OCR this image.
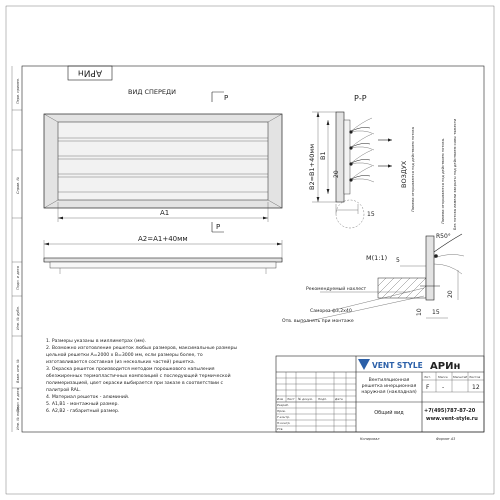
Перв. примен.
Справ. №
Подп. и дата
Инв. № дубл.
Взам. инв. №
Подп. и дата
Инв. № подл.
АРИн
ВИД СПЕРЕДИ
Р
Р
А1
А2=А1+40мм
Р-Р
ВОЗДУХ Ламели открываются под действием потока
В2=В1+40мм В1
20
15	Ламели открываются под действием потока. Без потока ламели закрыты под действием силы тяжести
М(1:1)
R50°
5
20
15
10
Рекомендуемый нахлест
Саморез ф3,2х40
Отв. выполнять при монтаже
1. Размеры указаны в миллиметрах (мм).
2. Возможно изготовление решеток любых размеров, максимальные размеры
цельной решетки А=2000 х В=3000 мм, если размеры более, то
изготавливается составная (из нескольких частей) решетка.
3. Окраска решеток производится методом порошкового напыления
обезжиренных термопластичных композиций с последующей термической
полимеризацией, цвет окраски выбирается при заказе в соответствии с
палитрой RAL.
4. Материал решеток - алюминий.
5. А1,В1 - монтажный размер.
6. А2,В2 - габаритный размер.
Изм	Лист	№ докум. Подп.	Дата
Разраб.
Пров.
Т.контр.
Н.контр.
Утв.
VENT STYLE АРИн
Вентиляционная
решетка инерционная
наружная (накладная)
Общий вид
Лит. Масса Масштаб Листов
F -	12
+7(495)787-87-20
www.vent-style.ru
Копировал	Формат А3
